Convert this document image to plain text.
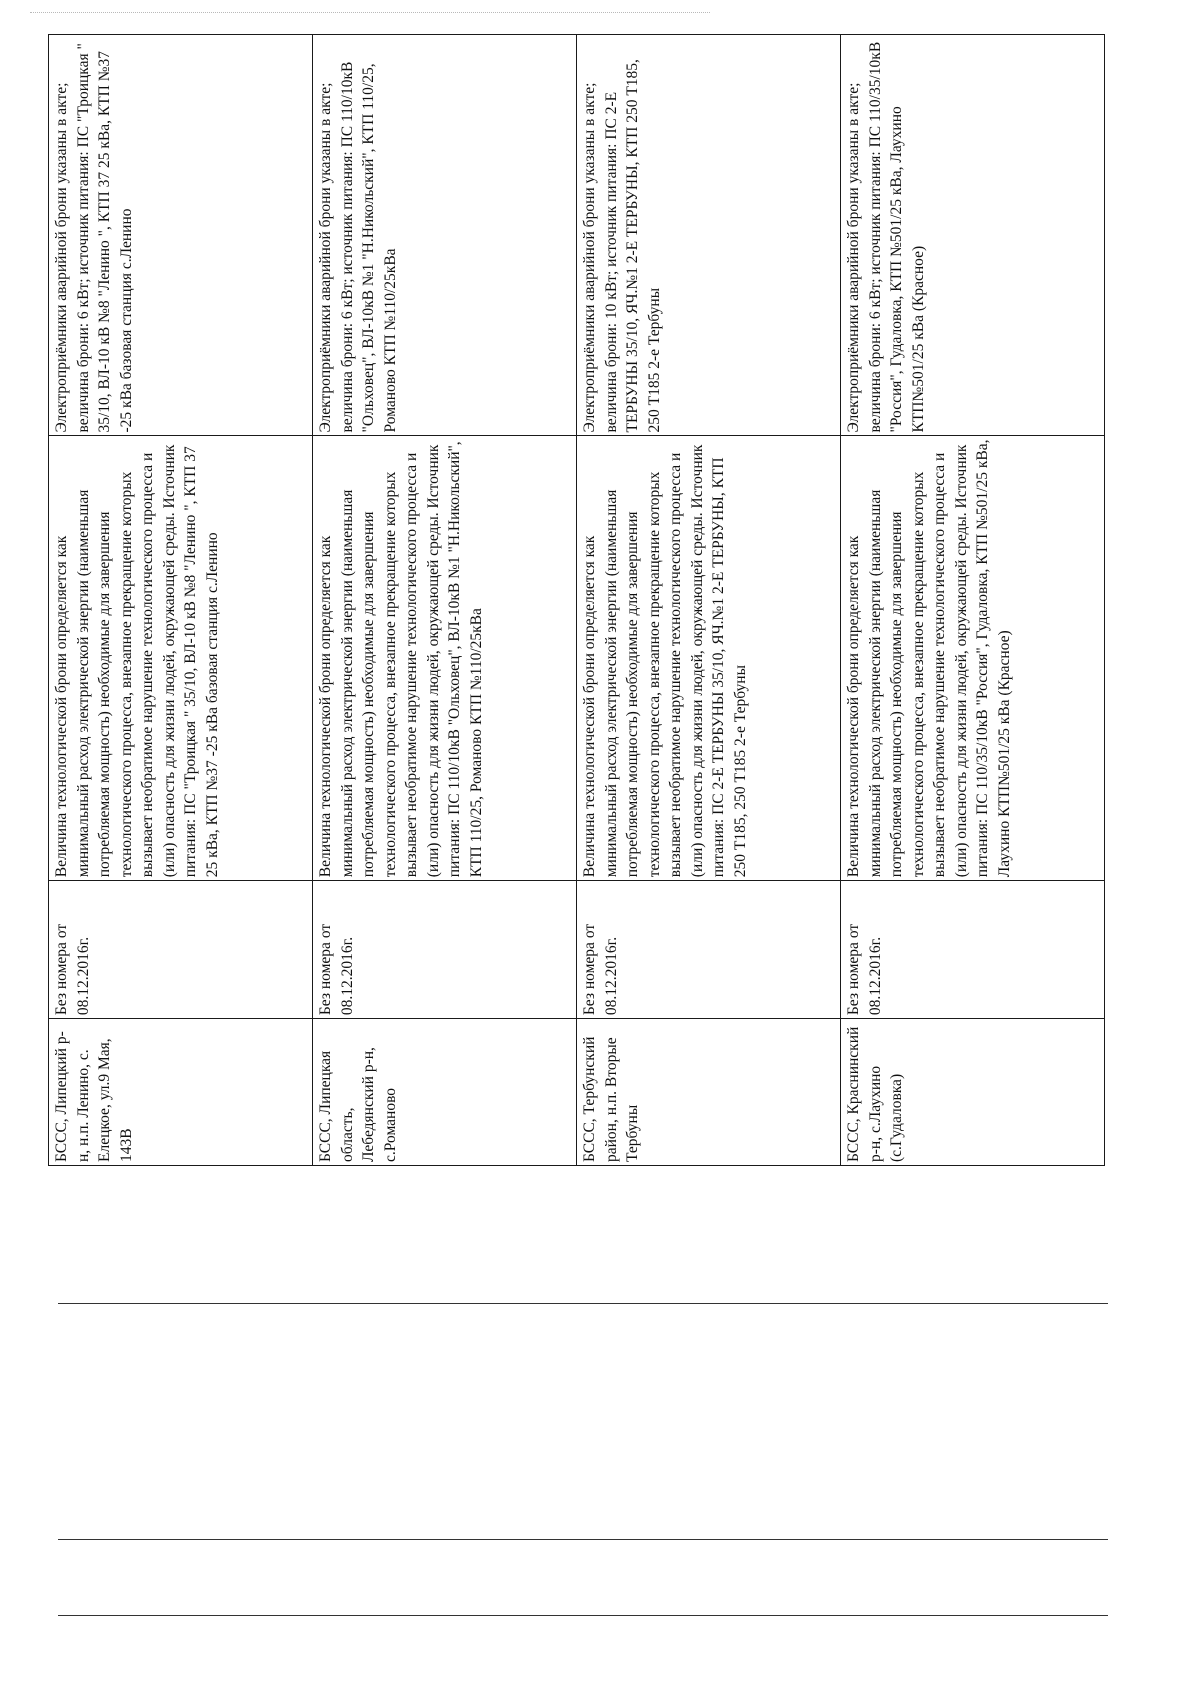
БССС, Липецкий р-н, н.п. Ленино, с. Елецкое, ул.9 Мая, 143В	Без номера от 08.12.2016г.	Величина технологической брони определяется как минимальный расход электрической энергии (наименьшая потребляемая мощность) необходимые для завершения технологического процесса, внезапное прекращение которых вызывает необратимое нарушение технологического процесса и (или) опасность для жизни людей, окружающей среды. Источник питания: ПС "Троицкая " 35/10, ВЛ-10 кВ №8 "Ленино ", КТП 37 25 кВа, КТП №37 -25 кВа базовая станция с.Ленино	Электроприёмники аварийной брони указаны в акте; величина брони: 6 кВт; источник питания: ПС "Троицкая " 35/10, ВЛ-10 кВ №8 "Ленино ", КТП 37 25 кВа, КТП №37 -25 кВа базовая станция с.Ленино
БССС, Липецкая область, Лебедянский р-н, с.Романово	Без номера от 08.12.2016г.	Величина технологической брони определяется как минимальный расход электрической энергии (наименьшая потребляемая мощность) необходимые для завершения технологического процесса, внезапное прекращение которых вызывает необратимое нарушение технологического процесса и (или) опасность для жизни людей, окружающей среды. Источник питания: ПС 110/10кВ "Ольховец", ВЛ-10кВ №1 "Н.Никольский", КТП 110/25, Романово КТП №110/25кВа	Электроприёмники аварийной брони указаны в акте; величина брони: 6 кВт; источник питания: ПС 110/10кВ "Ольховец", ВЛ-10кВ №1 "Н.Никольский", КТП 110/25, Романово КТП №110/25кВа
БССС, Тербунский район, н.п. Вторые Тербуны	Без номера от 08.12.2016г.	Величина технологической брони определяется как минимальный расход электрической энергии (наименьшая потребляемая мощность) необходимые для завершения технологического процесса, внезапное прекращение которых вызывает необратимое нарушение технологического процесса и (или) опасность для жизни людей, окружающей среды. Источник питания: ПС 2-Е ТЕРБУНЫ 35/10, ЯЧ.№1 2-Е ТЕРБУНЫ, КТП 250 Т185, 250 Т185 2-е Тербуны	Электроприёмники аварийной брони указаны в акте; величина брони: 10 кВт; источник питания: ПС 2-Е ТЕРБУНЫ 35/10, ЯЧ.№1 2-Е ТЕРБУНЫ, КТП 250 Т185, 250 Т185 2-е Тербуны
БССС, Краснинский р-н, с.Лаухино (с.Гудаловка)	Без номера от 08.12.2016г.	Величина технологической брони определяется как минимальный расход электрической энергии (наименьшая потребляемая мощность) необходимые для завершения технологического процесса, внезапное прекращение которых вызывает необратимое нарушение технологического процесса и (или) опасность для жизни людей, окружающей среды. Источник питания: ПС 110/35/10кВ "Россия", Гудаловка, КТП №501/25 кВа, Лаухино КТП№501/25 кВа (Красное)	Электроприёмники аварийной брони указаны в акте; величина брони: 6 кВт; источник питания: ПС 110/35/10кВ "Россия", Гудаловка, КТП №501/25 кВа, Лаухино КТП№501/25 кВа (Красное)
